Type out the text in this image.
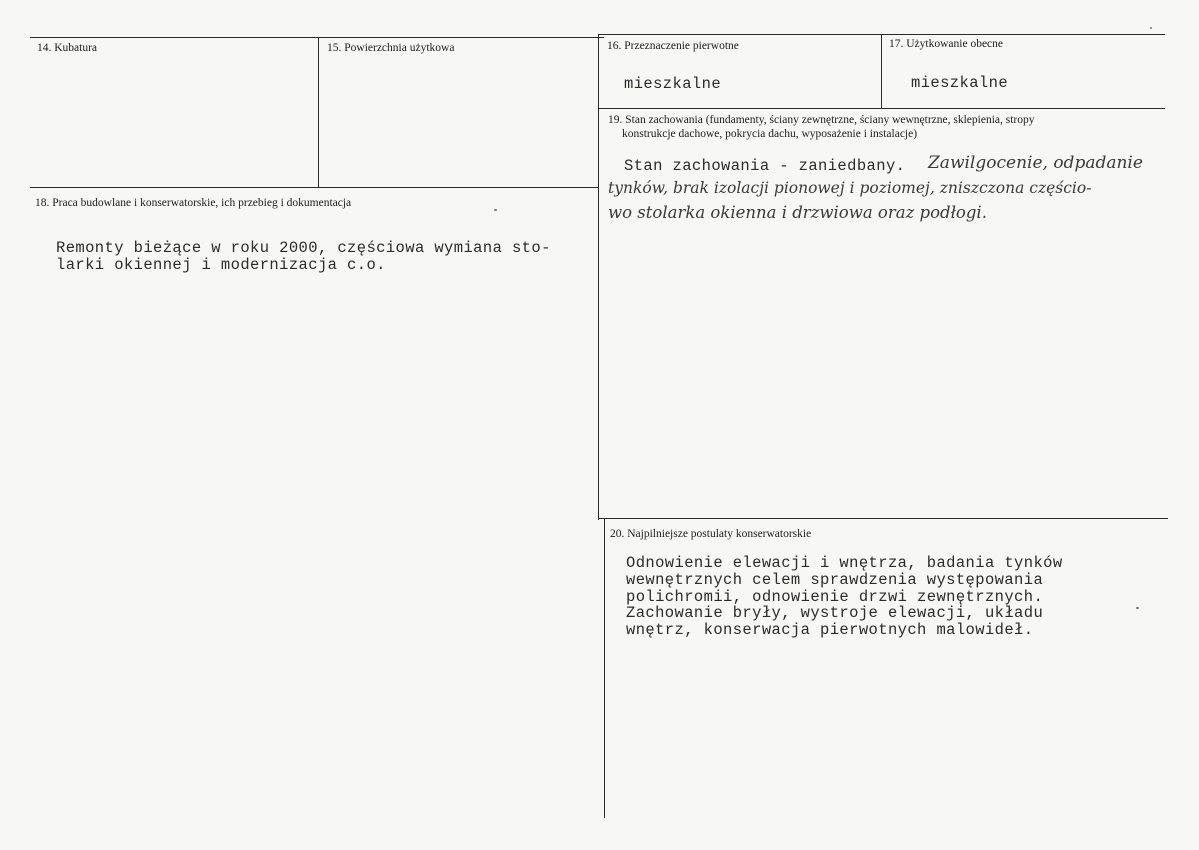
14. Kubatura	15. Powierzchnia użytkowa	16. Przeznaczenie pierwotne
mieszkalne
17. Użytkowanie obecne
mieszkalne
18. Praca budowlane i konserwatorskie, ich przebieg i dokumentacja
Remonty bieżące w roku 2000, częściowa wymiana sto-
larki okiennej i modernizacja c.o.
19. Stan zachowania (fundamenty, ściany zewnętrzne, ściany wewnętrzne, sklepienia, stropy
konstrukcje dachowe, pokrycia dachu, wyposażenie i instalacje)
Stan zachowania - zaniedbany. Zawilgocenie, odpadanie
tynków, brak izolacji pionowej i poziomej, zniszczona częścio-
wo stolarka okienna i drzwiowa oraz podłogi.
20. Najpilniejsze postulaty konserwatorskie
Odnowienie elewacji i wnętrza, badania tynków
wewnętrznych celem sprawdzenia występowania
polichromii, odnowienie drzwi zewnętrznych.
Zachowanie bryły, wystroje elewacji, układu
wnętrz, konserwacja pierwotnych malowideł.
